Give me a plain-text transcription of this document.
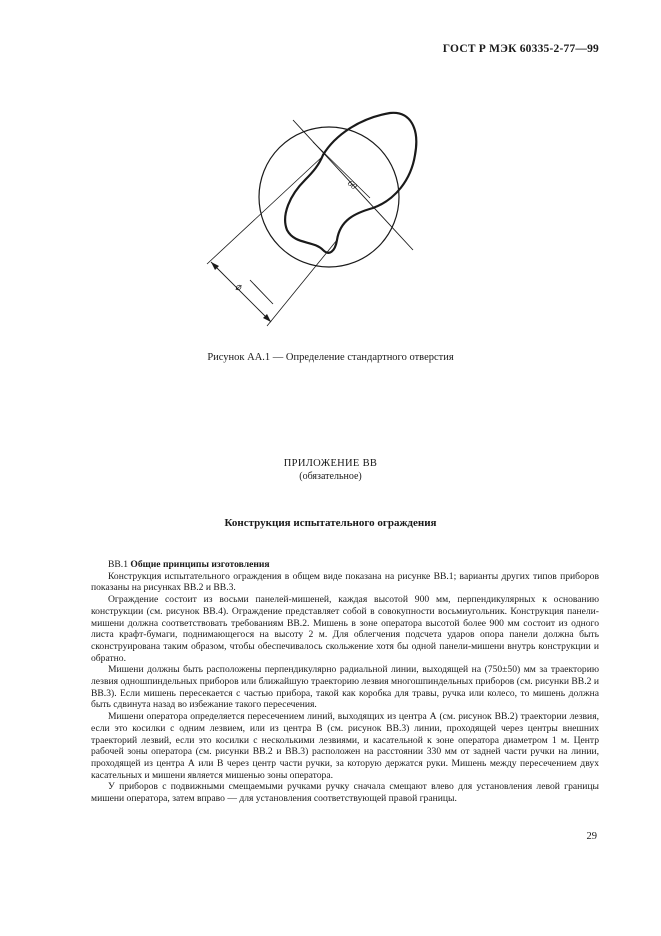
ГОСТ Р МЭК 60335-2-77—99
⌀
60
Рисунок АА.1 — Определение стандартного отверстия
ПРИЛОЖЕНИЕ ВВ
(обязательное)
Конструкция испытательного ограждения

ВВ.1 Общие принципы изготовления

Конструкция испытательного ограждения в общем виде показана на рисунке ВВ.1; варианты других типов приборов показаны на рисунках ВВ.2 и ВВ.3.

Ограждение состоит из восьми панелей-мишеней, каждая высотой 900 мм, перпендикулярных к основанию конструкции (см. рисунок ВВ.4). Ограждение представляет собой в совокупности восьмиугольник. Конструкция панели-мишени должна соответствовать требованиям ВВ.2. Мишень в зоне оператора высотой более 900 мм состоит из одного листа крафт-бумаги, поднимающегося на высоту 2 м. Для облегчения подсчета ударов опора панели должна быть сконструирована таким образом, чтобы обеспечивалось скольжение хотя бы одной панели-мишени внутрь конструкции и обратно.

Мишени должны быть расположены перпендикулярно радиальной линии, выходящей на (750±50) мм за траекторию лезвия одношпиндельных приборов или ближайшую траекторию лезвия многошпиндельных приборов (см. рисунки ВВ.2 и ВВ.3). Если мишень пересекается с частью прибора, такой как коробка для травы, ручка или колесо, то мишень должна быть сдвинута назад во избежание такого пересечения.

Мишени оператора определяется пересечением линий, выходящих из центра А (см. рисунок ВВ.2) траектории лезвия, если это косилки с одним лезвием, или из центра В (см. рисунок ВВ.3) линии, проходящей через центры внешних траекторий лезвий, если это косилки с несколькими лезвиями, и касательной к зоне оператора диаметром 1 м. Центр рабочей зоны оператора (см. рисунки ВВ.2 и ВВ.3) расположен на расстоянии 330 мм от задней части ручки на линии, проходящей из центра А или В через центр части ручки, за которую держатся руки. Мишень между пересечением двух касательных и мишени является мишенью зоны оператора.

У приборов с подвижными смещаемыми ручками ручку сначала смещают влево для установления левой границы мишени оператора, затем вправо — для установления соответствующей правой границы.

29
